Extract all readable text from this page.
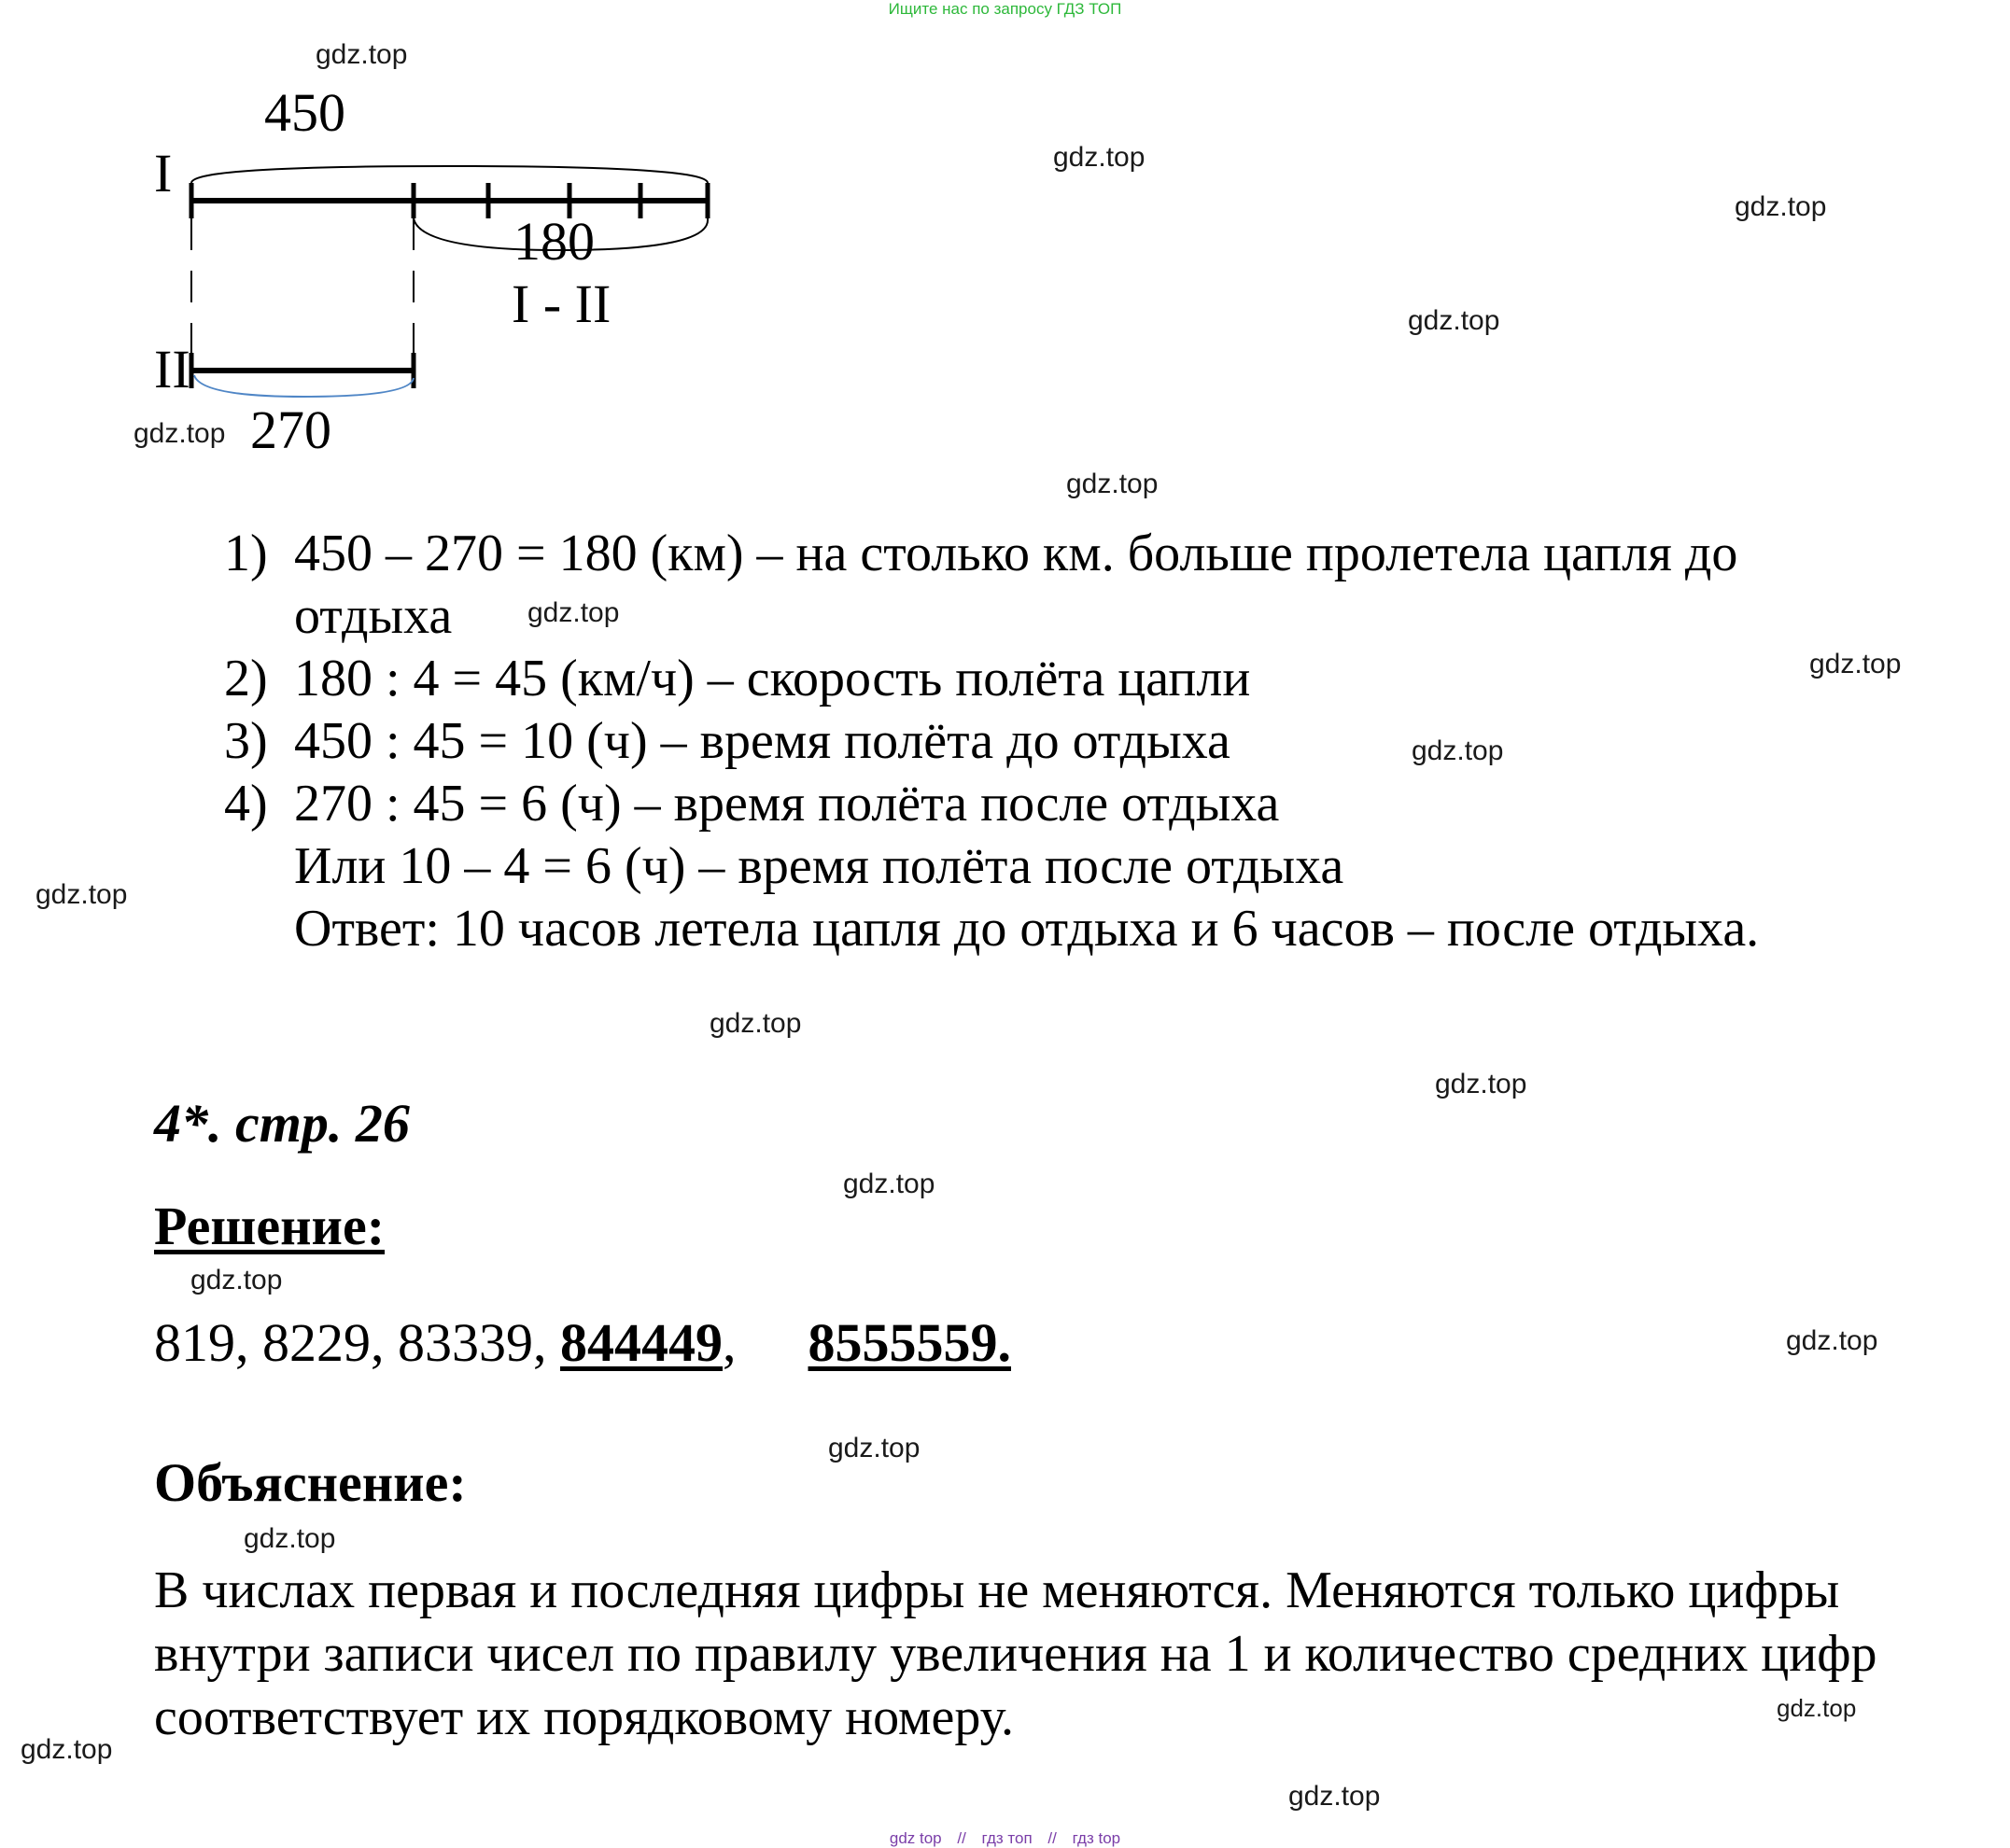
Ищите нас по запросу ГДЗ ТОП
I
II
450
180
I - II
270
1) 450 – 270 = 180 (км) – на столько км. больше пролетела цапля до
отдыха
2) 180 : 4 = 45 (км/ч) – скорость полёта цапли
3) 450 : 45 = 10 (ч) – время полёта до отдыха
4) 270 : 45 = 6 (ч) – время полёта после отдыха
Или 10 – 4 = 6 (ч) – время полёта после отдыха
Ответ: 10 часов летела цапля до отдыха и 6 часов – после отдыха.
4*. стр. 26
Решение:
819, 8229, 83339, 844449, 8555559.
Объяснение:
В числах первая и последняя цифры не меняются. Меняются только цифры внутри записи чисел по правилу увеличения на 1 и количество средних цифр соответствует их порядковому номеру.
gdz.top
gdz.top
gdz.top
gdz.top
gdz.top
gdz.top
gdz.top
gdz.top
gdz.top
gdz.top
gdz.top
gdz.top
gdz.top
gdz.top
gdz.top
gdz.top
gdz.top
gdz.top
gdz.top
gdz.top
gdz top // гдз топ // гдз top
